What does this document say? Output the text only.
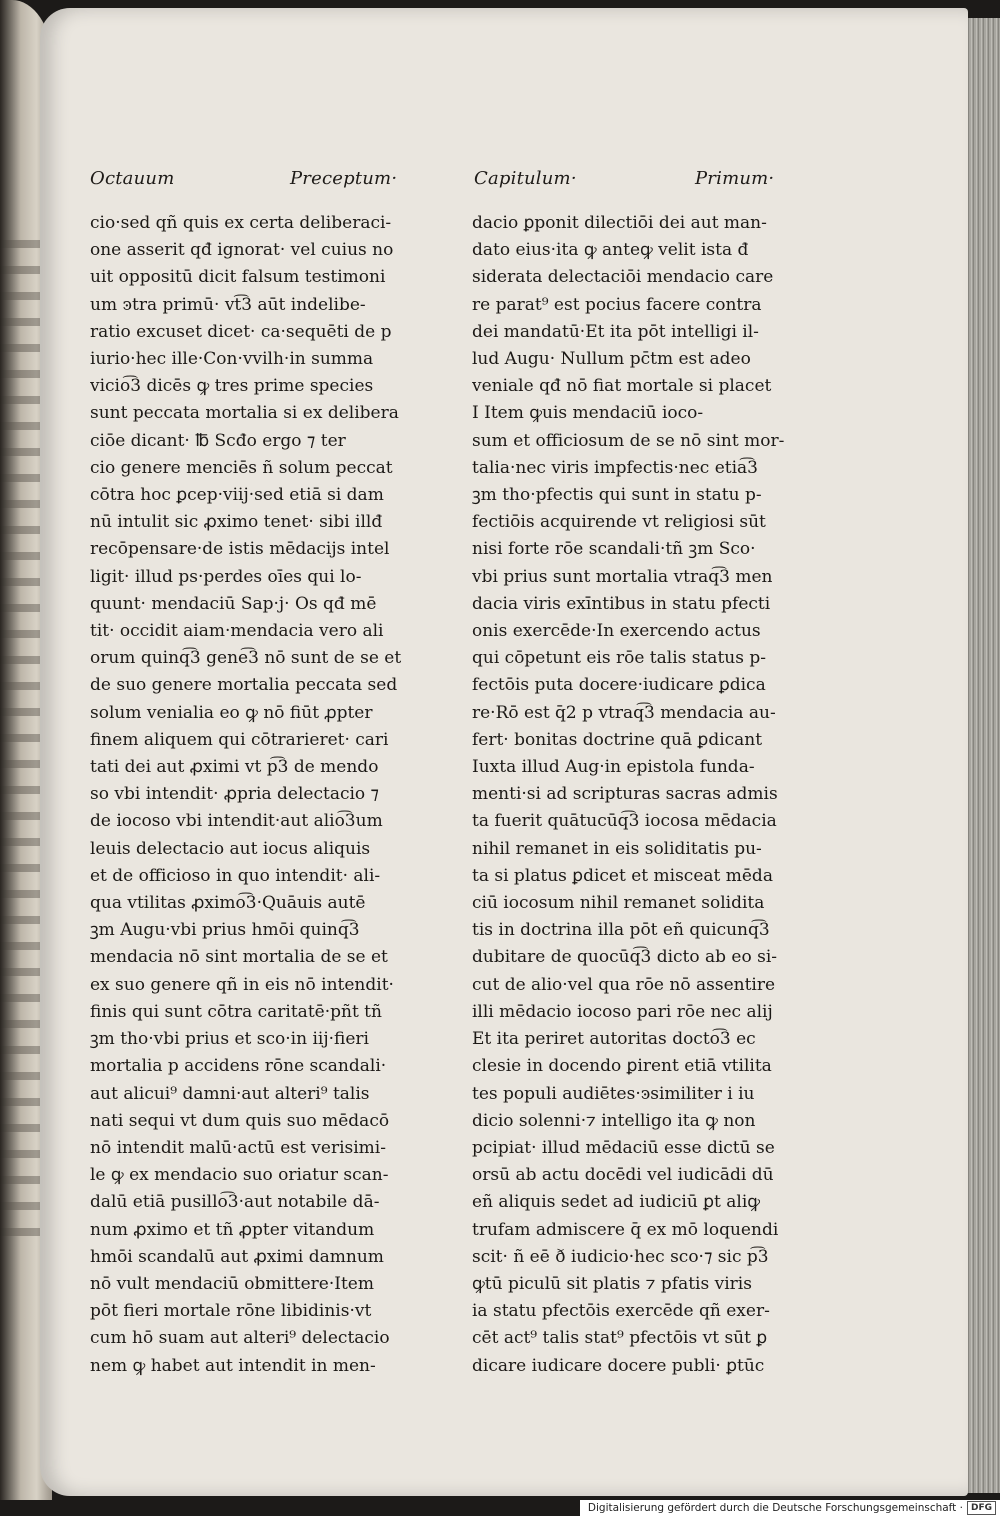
Octauum	Preceptum·	Capitulum·	Primum·
cio·sed qñ quis ex certa deliberaci-
one asserit qđ ignorat· vel cuius no
uit oppositū dicit falsum testimoni
um ͽtra primū· vt͡3 aūt indelibe-
ratio excuset dicet· ca·sequēti de p
iurio·hec ille·Con·vvilh·in summa
vicio͡3 dicēs ꝙ tres prime species
sunt peccata mortalia si ex delibera
ciōe dicant· ℔ Scđo ergo ⁊ ter
cio genere menciēs ñ solum peccat
cōtra hoc ꝑcep·viij·sed etiā si dam
nū intulit sic ꝓximo tenet· sibi illđ
recōpensare·de istis mēdacijs intel
ligit· illud ps·perdes oīes qui lo-
quunt· mendaciū Sap·j· Os qđ mē
tit· occidit aiam·mendacia vero ali
orum quinq͡3 gene͡3 nō sunt de se et
de suo genere mortalia peccata sed
solum venialia eo ꝙ nō fiūt ꝓpter
finem aliquem qui cōtrarieret· cari
tati dei aut ꝓximi vt p͡3 de mendo
so vbi intendit· ꝓpria delectacio ⁊
de iocoso vbi intendit·aut alio͡3um
leuis delectacio aut iocus aliquis
et de officioso in quo intendit· ali-
qua vtilitas ꝓximo͡3·Quāuis autē
ꝫm Augu·vbi prius hmōi quinq͡3
mendacia nō sint mortalia de se et
ex suo genere qñ in eis nō intendit·
finis qui sunt cōtra caritatē·pñt tñ
ꝫm tho·vbi prius et sco·in iij·fieri
mortalia p accidens rōne scandali·
aut alicui⁹ damni·aut alteri⁹ talis
nati sequi vt dum quis suo mēdacō
nō intendit malū·actū est verisimi-
le ꝙ ex mendacio suo oriatur scan-
dalū etiā pusillo͡3·aut notabile dā-
num ꝓximo et tñ ꝓpter vitandum
hmōi scandalū aut ꝓximi damnum
nō vult mendaciū obmittere·Item
pōt fieri mortale rōne libidinis·vt
cum hō suam aut alteri⁹ delectacio
nem ꝙ habet aut intendit in men-
dacio ꝑponit dilectiōi dei aut man-
dato eius·ita ꝙ anteꝙ velit ista đ
siderata delectaciōi mendacio care
re parat⁹ est pocius facere contra
dei mandatū·Et ita pōt intelligi il-
lud Augu· Nullum pc̄tm est adeo
veniale qđ nō fiat mortale si placet
I Item ꝙuis mendaciū ioco-
sum et officiosum de se nō sint mor-
talia·nec viris impfectis·nec etia͡3
ꝫm tho·pfectis qui sunt in statu p-
fectiōis acquirende vt religiosi sūt
nisi forte rōe scandali·tñ ꝫm Sco·
vbi prius sunt mortalia vtraq͡3 men
dacia viris exīntibus in statu pfecti
onis exercēde·In exercendo actus
qui cōpetunt eis rōe talis status p-
fectōis puta docere·iudicare ꝑdica
re·Rō est q̄2 p vtraq͡3 mendacia au-
fert· bonitas doctrine quā ꝑdicant
Iuxta illud Aug·in epistola funda-
menti·si ad scripturas sacras admis
ta fuerit quātucūq͡3 iocosa mēdacia
nihil remanet in eis soliditatis pu-
ta si platus ꝑdicet et misceat mēda
ciū iocosum nihil remanet solidita
tis in doctrina illa pōt eñ quicunq͡3
dubitare de quocūq͡3 dicto ab eo si-
cut de alio·vel qua rōe nō assentire
illi mēdacio iocoso pari rōe nec alij
Et ita periret autoritas docto͡3 ec
clesie in docendo ꝑirent etiā vtilita
tes populi audiētes·ͽsimiliter i iu
dicio solenni·⁊ intelligo ita ꝙ non
pcipiat· illud mēdaciū esse dictū se
orsū ab actu docēdi vel iudicādi dū
eñ aliquis sedet ad iudiciū ꝑt aliꝙ
trufam admiscere q̄ ex mō loquendi
scit· ñ eē ð iudicio·hec sco·⁊ sic p͡3
ꝙtū piculū sit platis ⁊ pfatis viris
ia statu pfectōis exercēde qñ exer-
cēt act⁹ talis stat⁹ pfectōis vt sūt ꝑ
dicare iudicare docere publi· ꝑtūc
Digitalisierung gefördert durch die Deutsche Forschungsgemeinschaft · DFG
